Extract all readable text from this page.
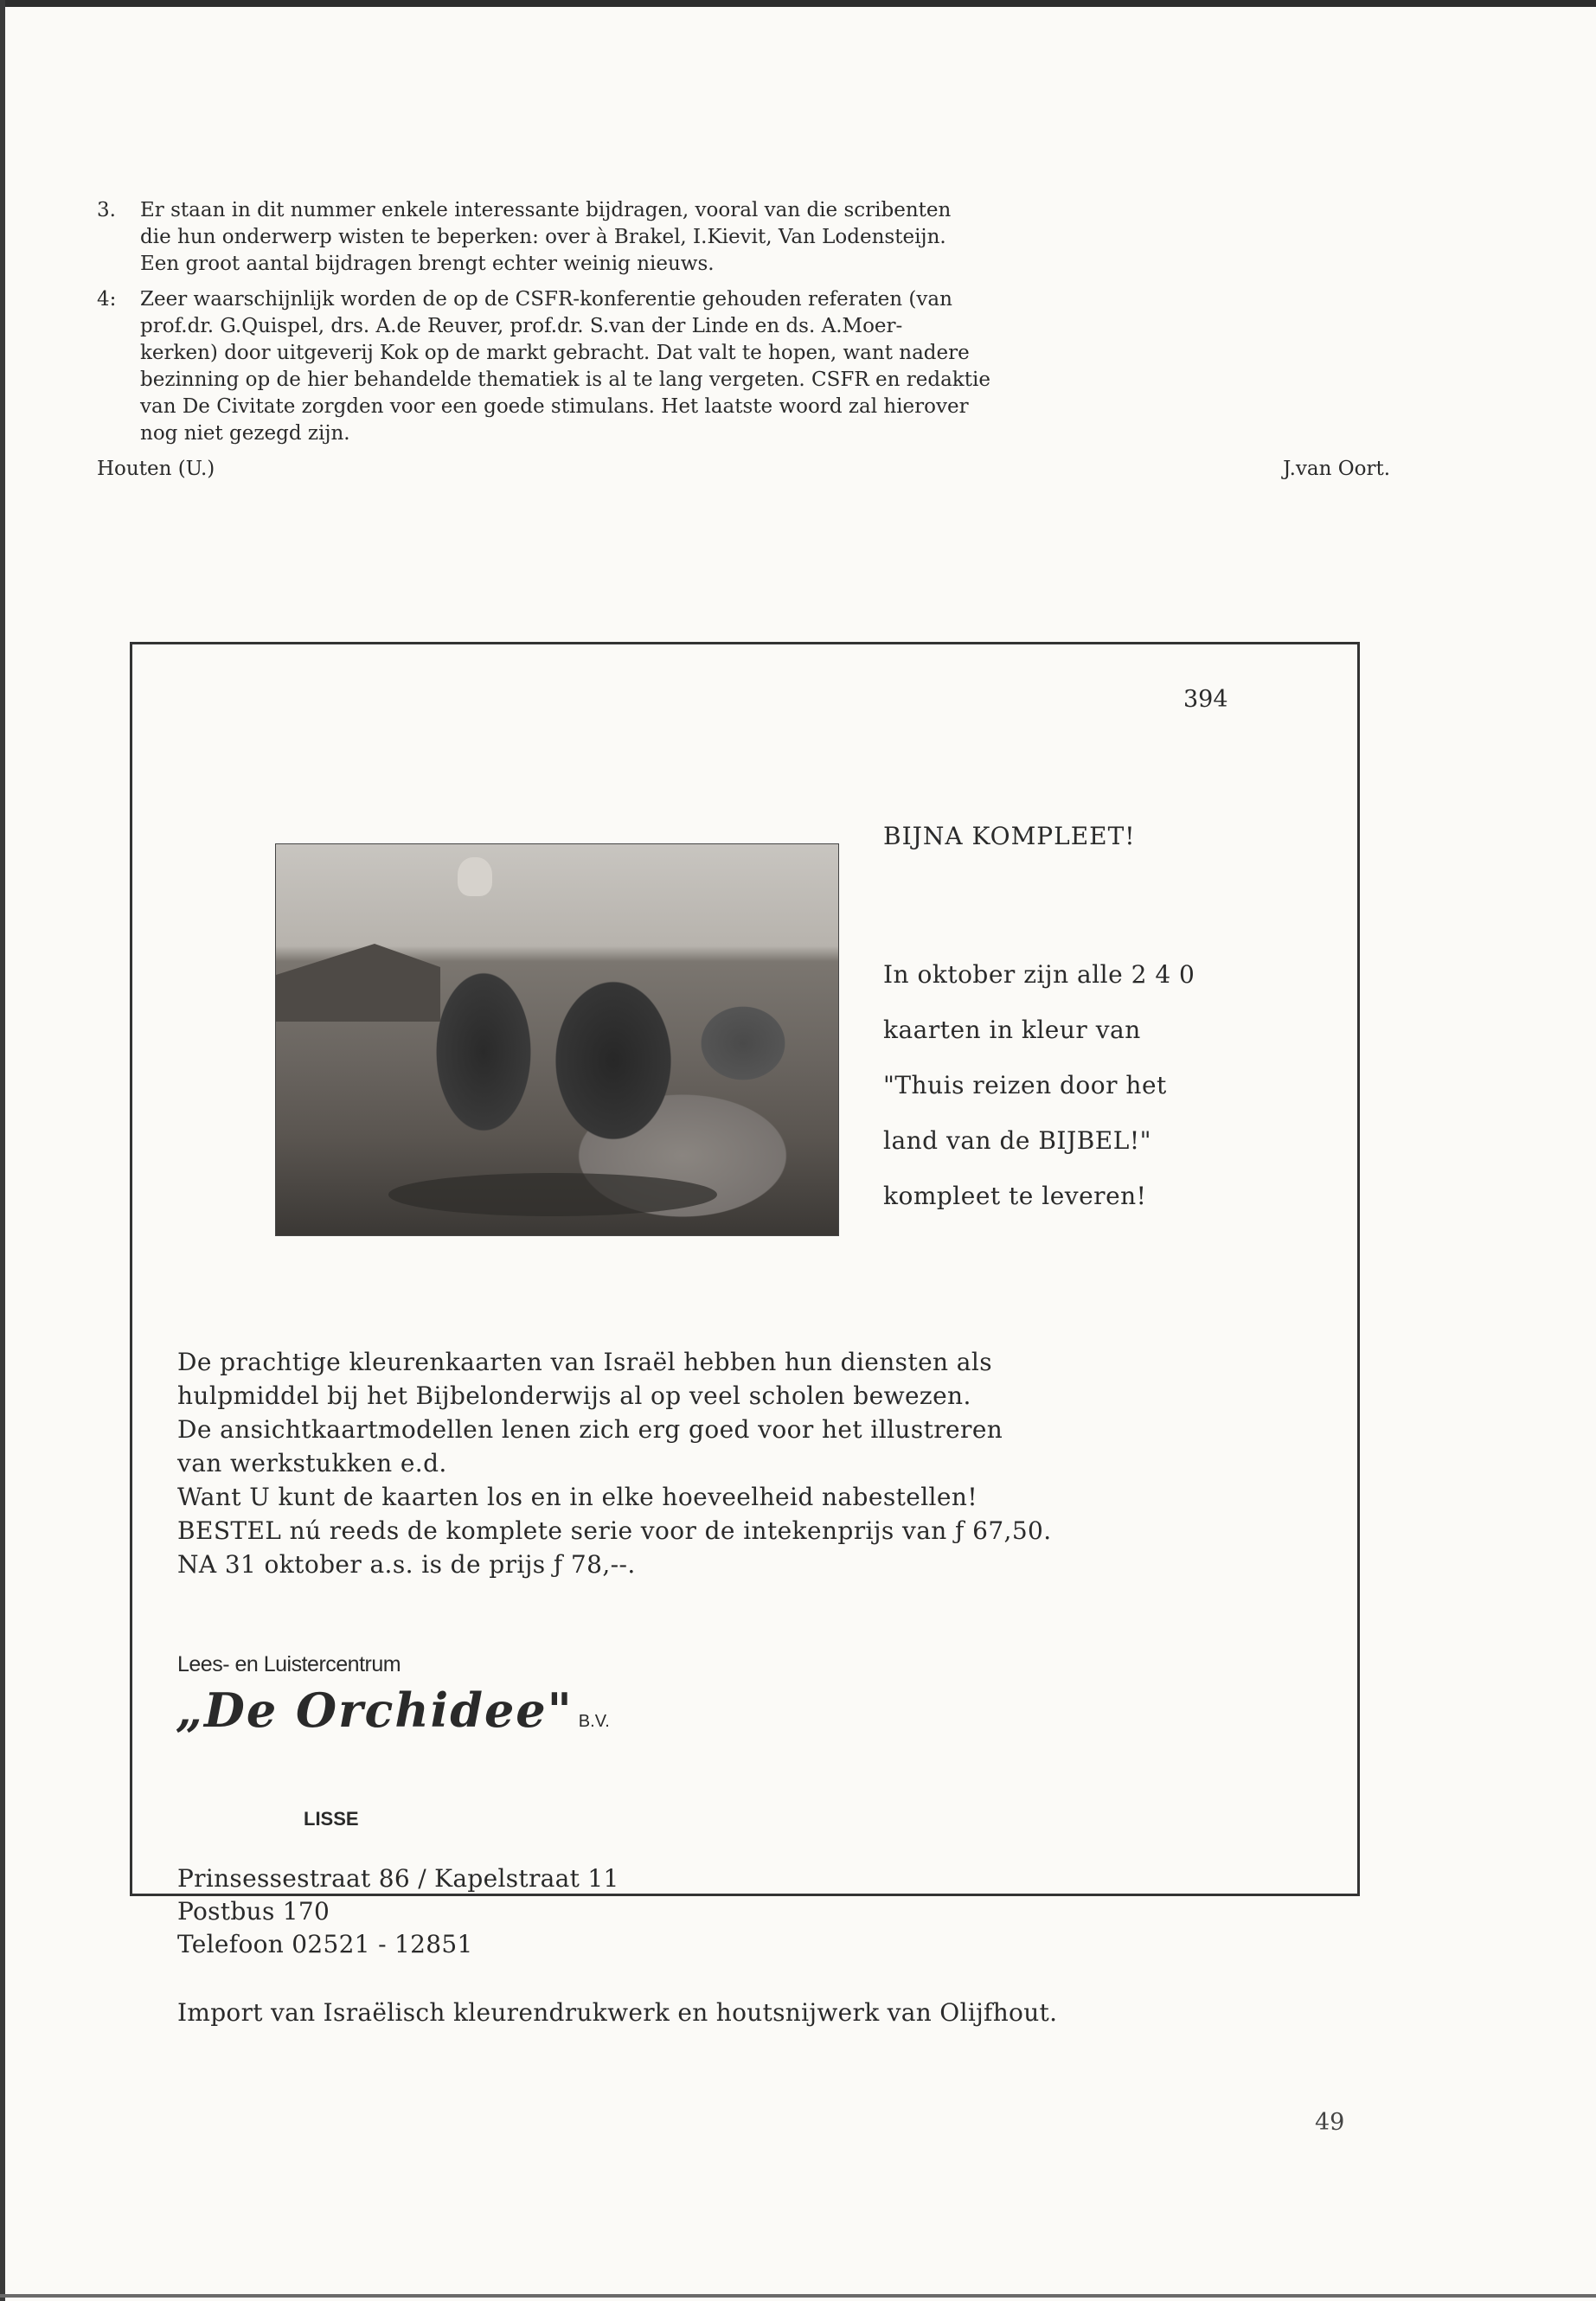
3.	Er staan in dit nummer enkele interessante bijdragen, vooral van die scribenten
die hun onderwerp wisten te beperken: over à Brakel, I.Kievit, Van Lodensteijn.
Een groot aantal bijdragen brengt echter weinig nieuws.
4:	Zeer waarschijnlijk worden de op de CSFR-konferentie gehouden referaten (van
prof.dr. G.Quispel, drs. A.de Reuver, prof.dr. S.van der Linde en ds. A.Moer-
kerken) door uitgeverij Kok op de markt gebracht. Dat valt te hopen, want nadere
bezinning op de hier behandelde thematiek is al te lang vergeten. CSFR en redaktie
van De Civitate zorgden voor een goede stimulans. Het laatste woord zal hierover
nog niet gezegd zijn.
Houten (U.)	J.van Oort.
394
BIJNA KOMPLEET!
In oktober zijn alle 2 4 0
kaarten in kleur van
"Thuis reizen door het
land van de BIJBEL!"
kompleet te leveren!
De prachtige kleurenkaarten van Israël hebben hun diensten als
hulpmiddel bij het Bijbelonderwijs al op veel scholen bewezen.
De ansichtkaartmodellen lenen zich erg goed voor het illustreren
van werkstukken e.d.
Want U kunt de kaarten los en in elke hoeveelheid nabestellen!
BESTEL nú reeds de komplete serie voor de intekenprijs van ƒ 67,50.
NA 31 oktober a.s. is de prijs ƒ 78,--.
Lees- en Luistercentrum
„De Orchidee" B.V.
LISSE
Prinsessestraat 86 / Kapelstraat 11
Postbus 170
Telefoon 02521 - 12851
Import van Israëlisch kleurendrukwerk en houtsnijwerk van Olijfhout.
49
